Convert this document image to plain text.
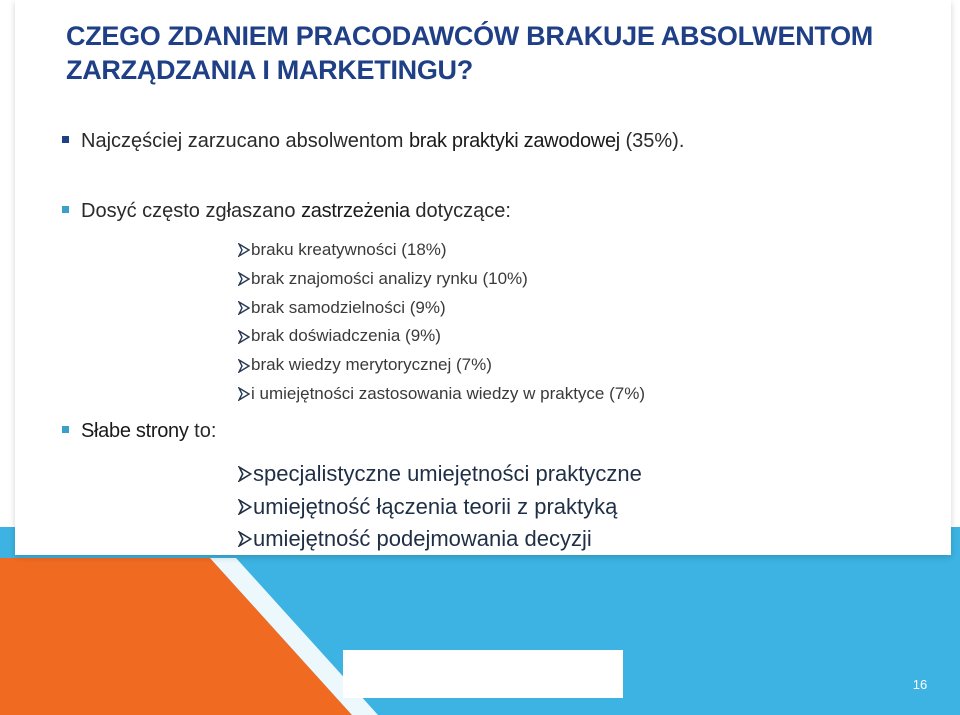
CZEGO ZDANIEM PRACODAWCÓW BRAKUJE ABSOLWENTOM ZARZĄDZANIA I MARKETINGU?
Najczęściej zarzucano absolwentom brak praktyki zawodowej (35%).
Dosyć często zgłaszano zastrzeżenia dotyczące:
braku kreatywności (18%)
brak znajomości analizy rynku (10%)
brak samodzielności (9%)
brak doświadczenia (9%)
brak wiedzy merytorycznej (7%)
i umiejętności zastosowania wiedzy w praktyce (7%)
Słabe strony to:
specjalistyczne umiejętności praktyczne
umiejętność łączenia teorii z praktyką
umiejętność podejmowania decyzji
16
